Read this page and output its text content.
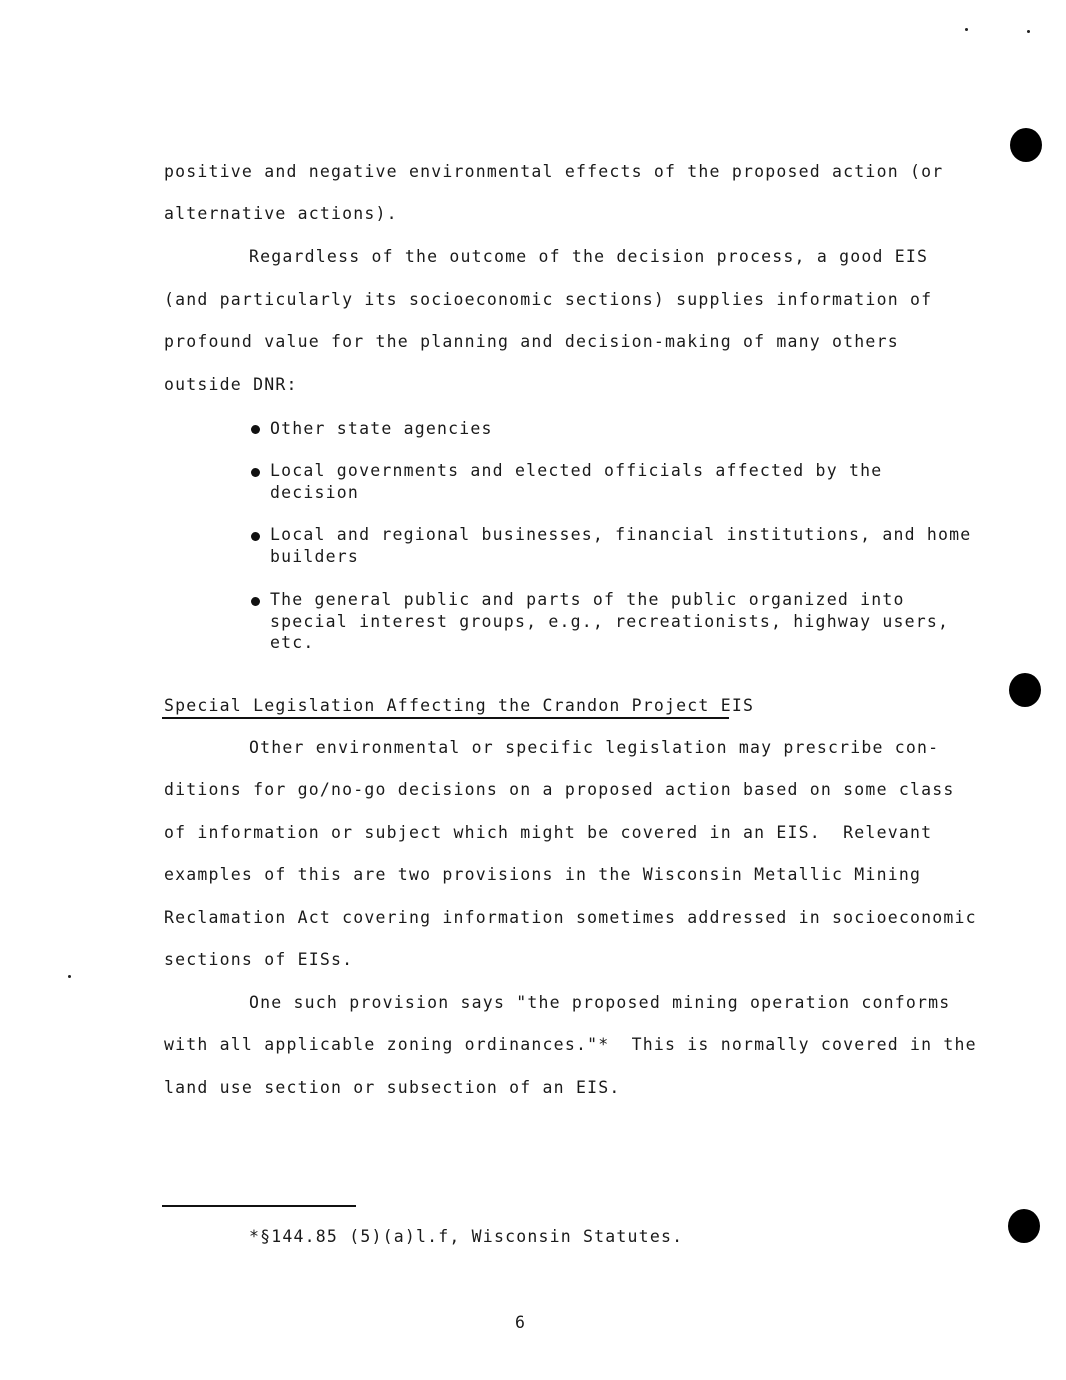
positive and negative environmental effects of the proposed action (or
alternative actions).
Regardless of the outcome of the decision process, a good EIS
(and particularly its socioeconomic sections) supplies information of
profound value for the planning and decision-making of many others
outside DNR:
Other state agencies
Local governments and elected officials affected by the
decision
Local and regional businesses, financial institutions, and home
builders
The general public and parts of the public organized into
special interest groups, e.g., recreationists, highway users,
etc.
Special Legislation Affecting the Crandon Project EIS
Other environmental or specific legislation may prescribe con-
ditions for go/no-go decisions on a proposed action based on some class
of information or subject which might be covered in an EIS.  Relevant
examples of this are two provisions in the Wisconsin Metallic Mining
Reclamation Act covering information sometimes addressed in socioeconomic
sections of EISs.
One such provision says "the proposed mining operation conforms
with all applicable zoning ordinances."*  This is normally covered in the
land use section or subsection of an EIS.
*§144.85 (5)(a)l.f, Wisconsin Statutes.
6
